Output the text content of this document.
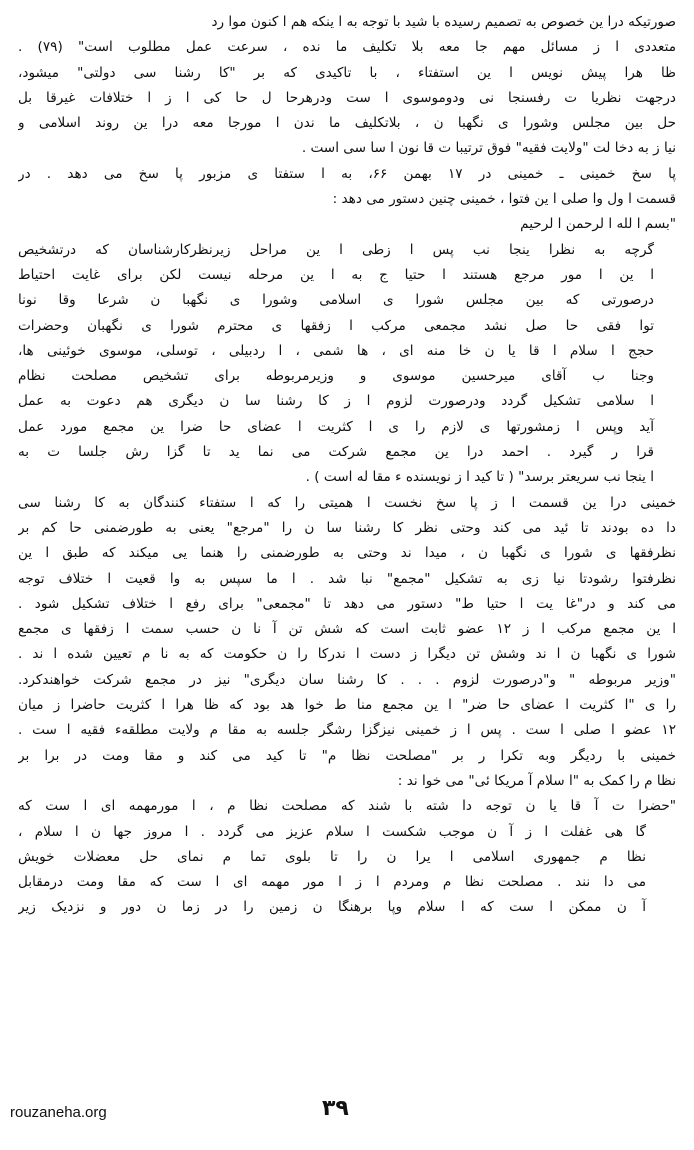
صورتیکه درا ین خصوص به تصمیم رسیده با شید با توجه به ا ینکه هم ا کنون موا رد
متعددی ا ز مسائل مهم جا معه بلا تکلیف ما نده ، سرعت عمل مطلوب است" (۷۹) .
ظا هرا پیش نویس ا ین استفتاء ، با تاکیدی که بر "کا رشنا سی دولتی" میشود،
درجهت نظریا ت رفسنجا نی ودوموسوی ا ست ودرهرحا ل حا کی ا ز ا ختلافات غیرقا بل
حل بین مجلس وشورا ی نگهبا ن ، بلاتکلیف ما ندن ا مورجا معه درا ین روند اسلامی و
نیا ز به دخا لت "ولایت فقیه" فوق ترتیبا ت قا نون ا سا سی است .
پا سخ خمینی ـ خمینی در ۱۷ بهمن ۶۶، به ا ستفتا ی مزبور پا سخ می دهد . در
قسمت ا ول وا صلی ا ین فتوا ، خمینی چنین دستور می دهد :
"بسم ا لله ا لرحمن ا لرحیم
گرچه به نظرا ینجا نب پس ا زطی ا ین مراحل زیرنظرکارشناسان که درتشخیص
ا ین ا مور مرجع هستند ا حتیا ج به ا ین مرحله نیست لکن برای غایت احتیاط
درصورتی که بین مجلس شورا ی اسلامی وشورا ی نگهبا ن شرعا وقا نونا
توا فقی حا صل نشد مجمعی مرکب ا زفقها ی محترم شورا ی نگهبان وحضرات
حجج ا سلام ا قا یا ن خا منه ای ، ها شمی ، ا ردبیلی ، توسلی، موسوی خوئینی ها،
وجنا ب آقای میرحسین موسوی و وزیرمربوطه برای تشخیص مصلحت نظام
ا سلامی تشکیل گردد ودرصورت لزوم ا ز کا رشنا سا ن دیگری هم دعوت به عمل
آید وپس ا زمشورتها ی لازم را ی ا کثریت ا عضای حا ضرا ین مجمع مورد عمل
قرا ر گیرد . احمد درا ین مجمع شرکت می نما ید تا گزا رش جلسا ت به
ا ینجا نب سریعتر برسد" ( تا کید ا ز نویسنده ء مقا له است ) .
خمینی درا ین قسمت ا ز پا سخ نخست ا همیتی را که ا ستفتاء کنندگان به کا رشنا سی
دا ده بودند تا ئید می کند وحتی نظر کا رشنا سا ن را "مرجع" یعنی به طورضمنی حا کم بر
نظرفقها ی شورا ی نگهبا ن ، میدا ند وحتی به طورضمنی را هنما یی میکند که طبق ا ین
نظرفتوا رشودتا نیا زی به تشکیل "مجمع" نبا شد . ا ما سپس به وا قعیت ا ختلاف توجه
می کند و در"غا یت ا حتیا ط" دستور می دهد تا "مجمعی" برای رفع ا ختلاف تشکیل شود .
ا ین مجمع مرکب ا ز ۱۲ عضو ثابت است که شش تن آ نا ن حسب سمت ا زفقها ی مجمع
شورا ی نگهبا ن ا ند وشش تن دیگرا ز دست ا ندرکا را ن حکومت که به نا م تعیین شده ا ند .
"وزیر مربوطه " و"درصورت لزوم . . . کا رشنا سان دیگری" نیز در مجمع شرکت خواهندکرد.
را ی "ا کثریت ا عضای حا ضر" ا ین مجمع منا ط خوا هد بود که ظا هرا ا کثریت حاضرا ز میان
۱۲ عضو ا صلی ا ست . پس ا ز خمینی نیزگزا رشگر جلسه به مقا م ولایت مطلقهء فقیه ا ست .
خمینی با ردیگر وبه تکرا ر بر "مصلحت نظا م" تا کید می کند و مقا ومت در برا بر
نظا م را کمک به "ا سلام آ مریکا ئی" می خوا ند :
"حضرا ت آ قا یا ن توجه دا شته با شند که مصلحت نظا م ، ا مورمهمه ای ا ست که
گا هی غفلت ا ز آ ن موجب شکست ا سلام عزیز می گردد . ا مروز جها ن ا سلام ،
نظا م جمهوری اسلامی ا یرا ن را تا بلوی تما م نمای حل معضلات خویش
می دا نند . مصلحت نظا م ومردم ا ز ا مور مهمه ای ا ست که مقا ومت درمقابل
آ ن ممکن ا ست که ا سلام وپا برهنگا ن زمین را در زما ن دور و نزدیک زیر
rouzaneha.org	۳۹
